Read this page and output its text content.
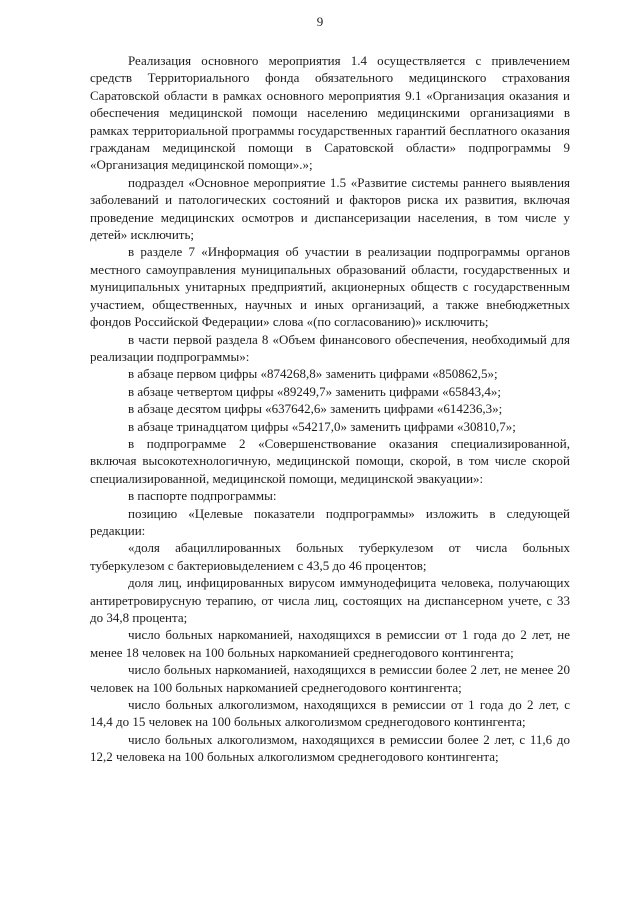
9

Реализация основного мероприятия 1.4 осуществляется с привлечением средств Территориального фонда обязательного медицинского страхования Саратовской области в рамках основного мероприятия 9.1 «Организация оказания и обеспечения медицинской помощи населению медицинскими организациями в рамках территориальной программы государственных гарантий бесплатного оказания гражданам медицинской помощи в Саратовской области» подпрограммы 9 «Организация медицинской помощи».»;

подраздел «Основное мероприятие 1.5 «Развитие системы раннего выявления заболеваний и патологических состояний и факторов риска их развития, включая проведение медицинских осмотров и диспансеризации населения, в том числе у детей» исключить;

в разделе 7 «Информация об участии в реализации подпрограммы органов местного самоуправления муниципальных образований области, государственных и муниципальных унитарных предприятий, акционерных обществ с государственным участием, общественных, научных и иных организаций, а также внебюджетных фондов Российской Федерации» слова «(по согласованию)» исключить;

в части первой раздела 8 «Объем финансового обеспечения, необходимый для реализации подпрограммы»:

в абзаце первом цифры «874268,8» заменить цифрами «850862,5»;

в абзаце четвертом цифры «89249,7» заменить цифрами «65843,4»;

в абзаце десятом цифры «637642,6» заменить цифрами «614236,3»;

в абзаце тринадцатом цифры «54217,0» заменить цифрами «30810,7»;

в подпрограмме 2 «Совершенствование оказания специализированной, включая высокотехнологичную, медицинской помощи, скорой, в том числе скорой специализированной, медицинской помощи, медицинской эвакуации»:

в паспорте подпрограммы:

позицию «Целевые показатели подпрограммы» изложить в следующей редакции:

«доля абациллированных больных туберкулезом от числа больных туберкулезом с бактериовыделением с 43,5 до 46 процентов;

доля лиц, инфицированных вирусом иммунодефицита человека, получающих антиретровирусную терапию, от числа лиц, состоящих на диспансерном учете, с 33 до 34,8 процента;

число больных наркоманией, находящихся в ремиссии от 1 года до 2 лет, не менее 18 человек на 100 больных наркоманией среднегодового контингента;

число больных наркоманией, находящихся в ремиссии более 2 лет, не менее 20 человек на 100 больных наркоманией среднегодового контингента;

число больных алкоголизмом, находящихся в ремиссии от 1 года до 2 лет, с 14,4 до 15 человек на 100 больных алкоголизмом среднегодового контингента;

число больных алкоголизмом, находящихся в ремиссии более 2 лет, с 11,6 до 12,2 человека на 100 больных алкоголизмом среднегодового контингента;
